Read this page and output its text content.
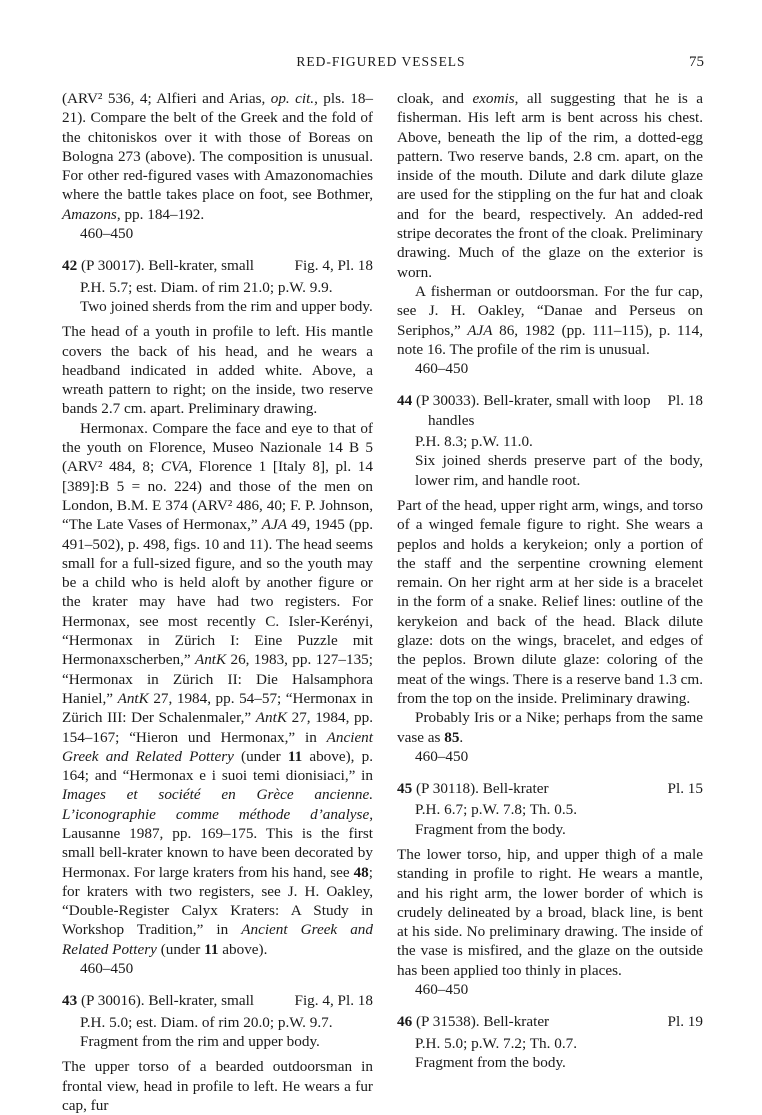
RED-FIGURED VESSELS	75

(ARV² 536, 4; Alfieri and Arias, op. cit., pls. 18–21). Compare the belt of the Greek and the fold of the chitoniskos over it with those of Boreas on Bologna 273 (above). The composition is unusual. For other red-figured vases with Amazonomachies where the battle takes place on foot, see Bothmer, Amazons, pp. 184–192.

460–450

42 (P 30017). Bell-krater, small	Fig. 4, Pl. 18

P.H. 5.7; est. Diam. of rim 21.0; p.W. 9.9.

Two joined sherds from the rim and upper body.

The head of a youth in profile to left. His mantle covers the back of his head, and he wears a headband indicated in added white. Above, a wreath pattern to right; on the inside, two reserve bands 2.7 cm. apart. Preliminary drawing.

Hermonax. Compare the face and eye to that of the youth on Florence, Museo Nazionale 14 B 5 (ARV² 484, 8; CVA, Florence 1 [Italy 8], pl. 14 [389]:B 5 = no. 224) and those of the men on London, B.M. E 374 (ARV² 486, 40; F. P. Johnson, “The Late Vases of Hermonax,” AJA 49, 1945 (pp. 491–502), p. 498, figs. 10 and 11). The head seems small for a full-sized figure, and so the youth may be a child who is held aloft by another figure or the krater may have had two registers. For Hermonax, see most recently C. Isler-Kerényi, “Hermonax in Zürich I: Eine Puzzle mit Hermonaxscherben,” AntK 26, 1983, pp. 127–135; “Hermonax in Zürich II: Die Halsamphora Haniel,” AntK 27, 1984, pp. 54–57; “Hermonax in Zürich III: Der Schalenmaler,” AntK 27, 1984, pp. 154–167; “Hieron und Hermonax,” in Ancient Greek and Related Pottery (under 11 above), p. 164; and “Hermonax e i suoi temi dionisiaci,” in Images et société en Grèce ancienne. L’iconographie comme méthode d’analyse, Lausanne 1987, pp. 169–175. This is the first small bell-krater known to have been decorated by Hermonax. For large kraters from his hand, see 48; for kraters with two registers, see J. H. Oakley, “Double-Register Calyx Kraters: A Study in Workshop Tradition,” in Ancient Greek and Related Pottery (under 11 above).

460–450

43 (P 30016). Bell-krater, small	Fig. 4, Pl. 18

P.H. 5.0; est. Diam. of rim 20.0; p.W. 9.7.

Fragment from the rim and upper body.

The upper torso of a bearded outdoorsman in frontal view, head in profile to left. He wears a fur cap, fur

cloak, and exomis, all suggesting that he is a fisherman. His left arm is bent across his chest. Above, beneath the lip of the rim, a dotted-egg pattern. Two reserve bands, 2.8 cm. apart, on the inside of the mouth. Dilute and dark dilute glaze are used for the stippling on the fur hat and cloak and for the beard, respectively. An added-red stripe decorates the front of the cloak. Preliminary drawing. Much of the glaze on the exterior is worn.

A fisherman or outdoorsman. For the fur cap, see J. H. Oakley, “Danae and Perseus on Seriphos,” AJA 86, 1982 (pp. 111–115), p. 114, note 16. The profile of the rim is unusual.

460–450

44 (P 30033). Bell-krater, small with loop
handles
Pl. 18

P.H. 8.3; p.W. 11.0.

Six joined sherds preserve part of the body, lower rim, and handle root.

Part of the head, upper right arm, wings, and torso of a winged female figure to right. She wears a peplos and holds a kerykeion; only a portion of the staff and the serpentine crowning element remain. On her right arm at her side is a bracelet in the form of a snake. Relief lines: outline of the kerykeion and back of the head. Black dilute glaze: dots on the wings, bracelet, and edges of the peplos. Brown dilute glaze: coloring of the meat of the wings. There is a reserve band 1.3 cm. from the top on the inside. Preliminary drawing.

Probably Iris or a Nike; perhaps from the same vase as 85.

460–450

45 (P 30118). Bell-krater	Pl. 15

P.H. 6.7; p.W. 7.8; Th. 0.5.

Fragment from the body.

The lower torso, hip, and upper thigh of a male standing in profile to right. He wears a mantle, and his right arm, the lower border of which is crudely delineated by a broad, black line, is bent at his side. No preliminary drawing. The inside of the vase is misfired, and the glaze on the outside has been applied too thinly in places.

460–450

46 (P 31538). Bell-krater	Pl. 19

P.H. 5.0; p.W. 7.2; Th. 0.7.

Fragment from the body.
